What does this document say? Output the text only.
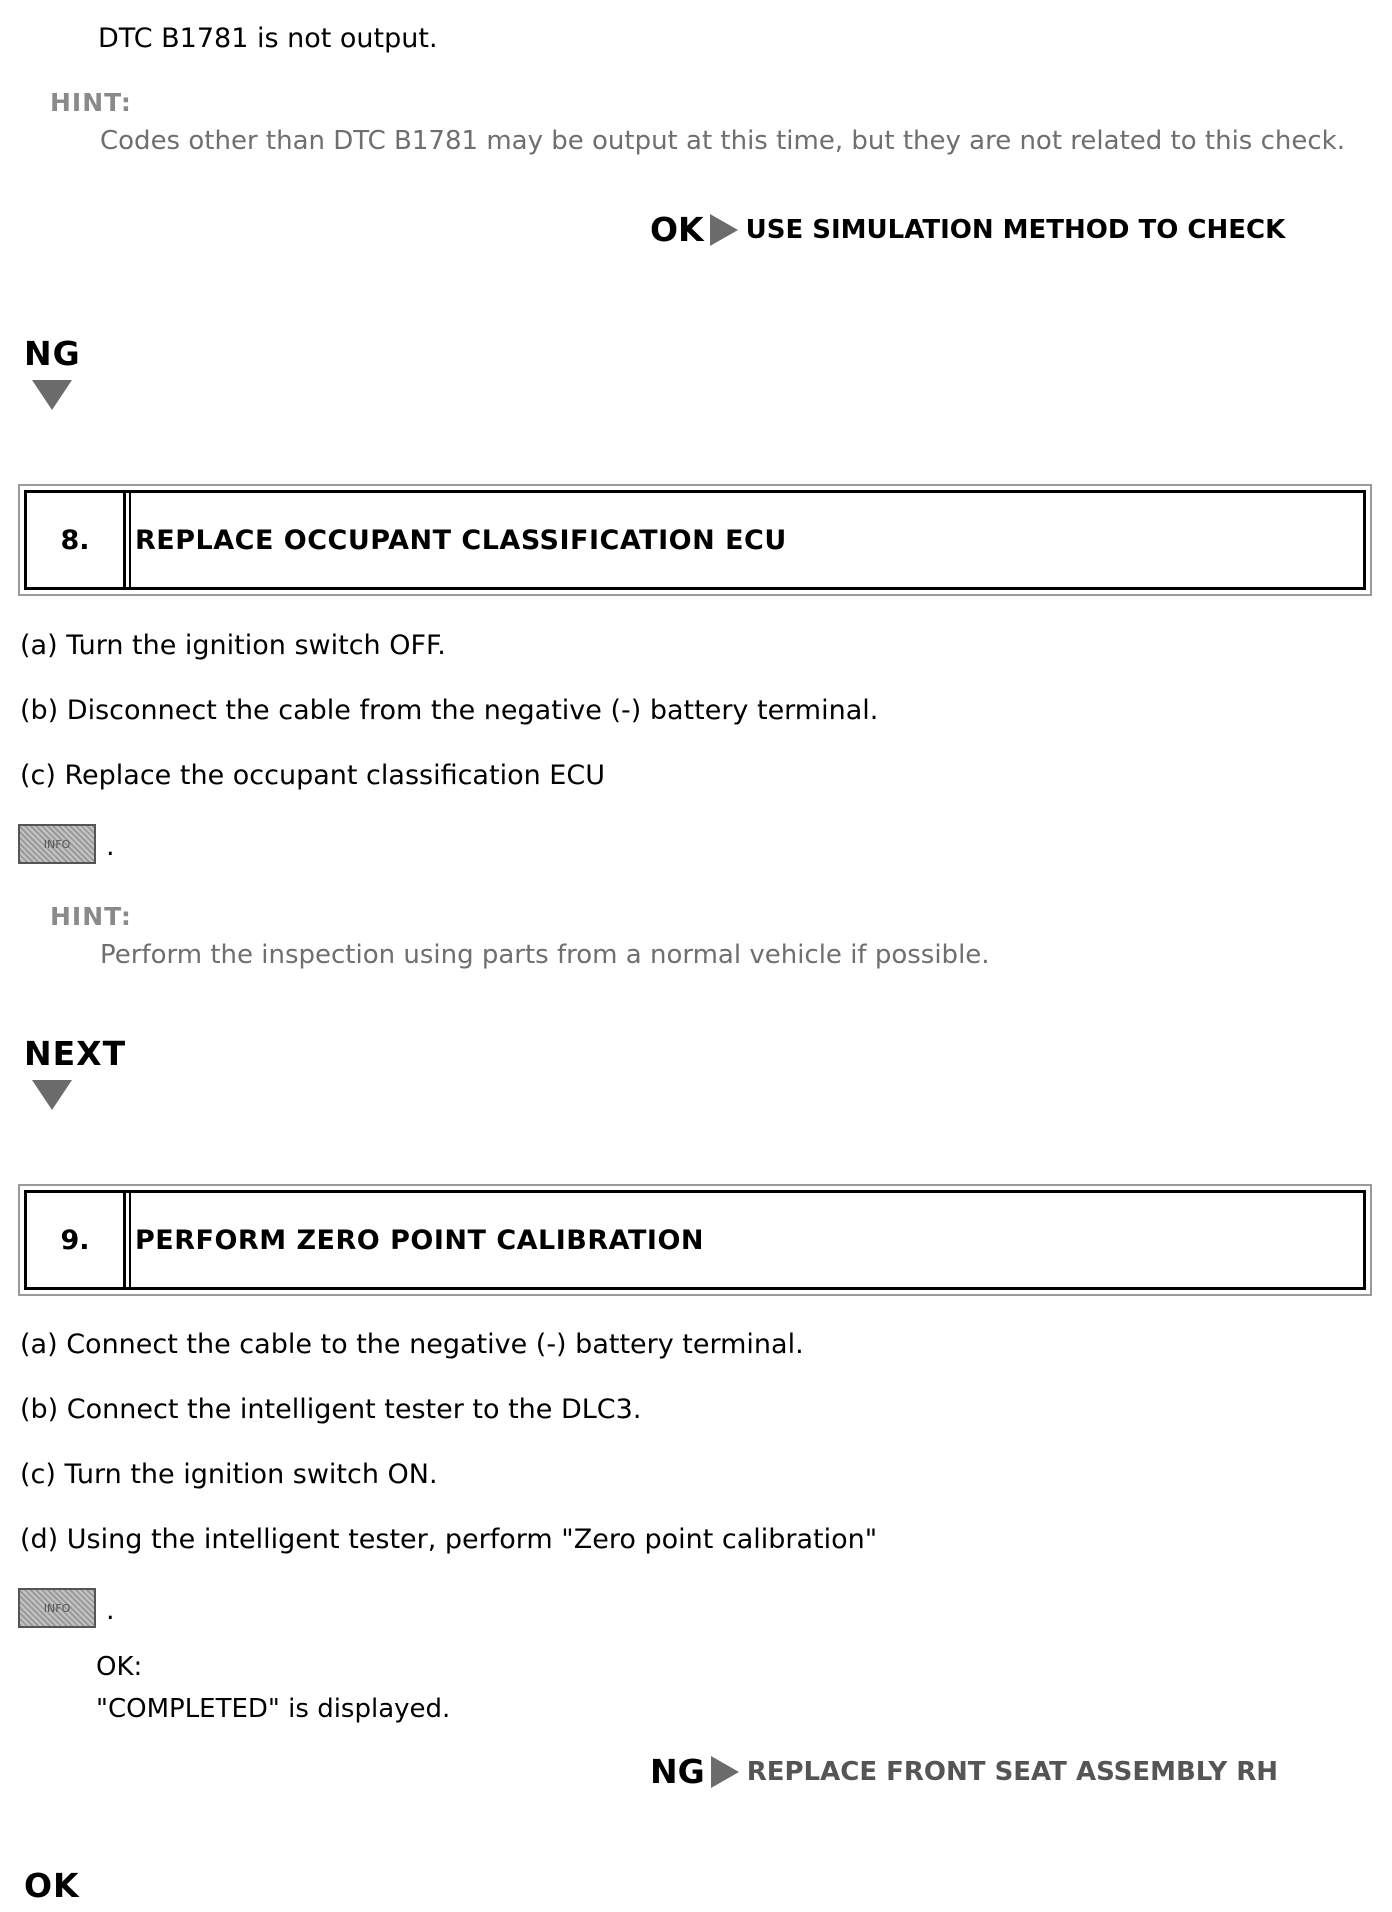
DTC B1781 is not output.
HINT:
Codes other than DTC B1781 may be output at this time, but they are not related to this check.
OK USE SIMULATION METHOD TO CHECK
NG
8.	REPLACE OCCUPANT CLASSIFICATION ECU
(a) Turn the ignition switch OFF.
(b) Disconnect the cable from the negative (-) battery terminal.
(c) Replace the occupant classification ECU
INFO	.
HINT:
Perform the inspection using parts from a normal vehicle if possible.
NEXT
9.	PERFORM ZERO POINT CALIBRATION
(a) Connect the cable to the negative (-) battery terminal.
(b) Connect the intelligent tester to the DLC3.
(c) Turn the ignition switch ON.
(d) Using the intelligent tester, perform "Zero point calibration"
INFO	.
OK:
"COMPLETED" is displayed.
NG REPLACE FRONT SEAT ASSEMBLY RH
OK
